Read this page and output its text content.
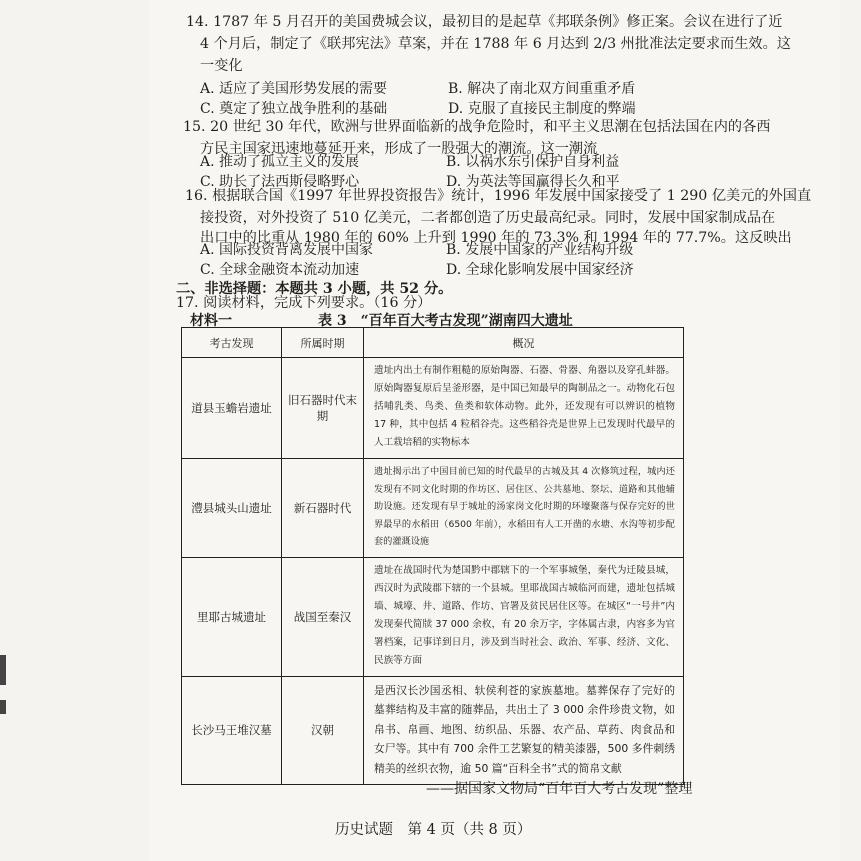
14. 1787 年 5 月召开的美国费城会议，最初目的是起草《邦联条例》修正案。会议在进行了近
4 个月后，制定了《联邦宪法》草案，并在 1788 年 6 月达到 2/3 州批准法定要求而生效。这
一变化
A. 适应了美国形势发展的需要	B. 解决了南北双方间重重矛盾
C. 奠定了独立战争胜利的基础	D. 克服了直接民主制度的弊端
15. 20 世纪 30 年代，欧洲与世界面临新的战争危险时，和平主义思潮在包括法国在内的各西
方民主国家迅速地蔓延开来，形成了一股强大的潮流。这一潮流
A. 推动了孤立主义的发展	B. 以祸水东引保护自身利益
C. 助长了法西斯侵略野心	D. 为英法等国赢得长久和平
16. 根据联合国《1997 年世界投资报告》统计，1996 年发展中国家接受了 1 290 亿美元的外国直
接投资，对外投资了 510 亿美元，二者都创造了历史最高纪录。同时，发展中国家制成品在
出口中的比重从 1980 年的 60% 上升到 1990 年的 73.3% 和 1994 年的 77.7%。这反映出
A. 国际投资背离发展中国家	B. 发展中国家的产业结构升级
C. 全球金融资本流动加速	D. 全球化影响发展中国家经济
二、非选择题：本题共 3 小题，共 52 分。
17. 阅读材料，完成下列要求。（16 分）
材料一	表 3　“百年百大考古发现”湖南四大遗址
考古发现	所属时期	概况
道县玉蟾岩遗址	旧石器时代末期	遗址内出土有制作粗糙的原始陶器、石器、骨器、角器以及穿孔蚌器。原始陶器复原后呈釜形器，是中国已知最早的陶制品之一。动物化石包括哺乳类、鸟类、鱼类和软体动物。此外，还发现有可以辨识的植物 17 种，其中包括 4 粒稻谷壳。这些稻谷壳是世界上已发现时代最早的人工栽培稻的实物标本
澧县城头山遗址	新石器时代	遗址揭示出了中国目前已知的时代最早的古城及其 4 次修筑过程，城内还发现有不同文化时期的作坊区、居住区、公共墓地、祭坛、道路和其他辅助设施。还发现有早于城址的汤家岗文化时期的环壕聚落与保存完好的世界最早的水稻田（6500 年前），水稻田有人工开凿的水塘、水沟等初步配套的灌溉设施
里耶古城遗址	战国至秦汉	遗址在战国时代为楚国黔中郡辖下的一个军事城堡，秦代为迁陵县城，西汉时为武陵郡下辖的一个县城。里耶战国古城临河而建，遗址包括城墙、城壕、井、道路、作坊、官署及贫民居住区等。在城区“一号井”内发现秦代简牍 37 000 余枚，有 20 余万字，字体属古隶，内容多为官署档案，记事详到日月，涉及到当时社会、政治、军事、经济、文化、民族等方面
长沙马王堆汉墓	汉朝	是西汉长沙国丞相、轪侯利苍的家族墓地。墓葬保存了完好的墓葬结构及丰富的随葬品，共出土了 3 000 余件珍贵文物，如帛书、帛画、地图、纺织品、乐器、农产品、草药、肉食品和女尸等。其中有 700 余件工艺繁复的精美漆器，500 多件刺绣精美的丝织衣物，逾 50 篇“百科全书”式的简帛文献
——据国家文物局“百年百大考古发现”整理
历史试题　第 4 页（共 8 页）
